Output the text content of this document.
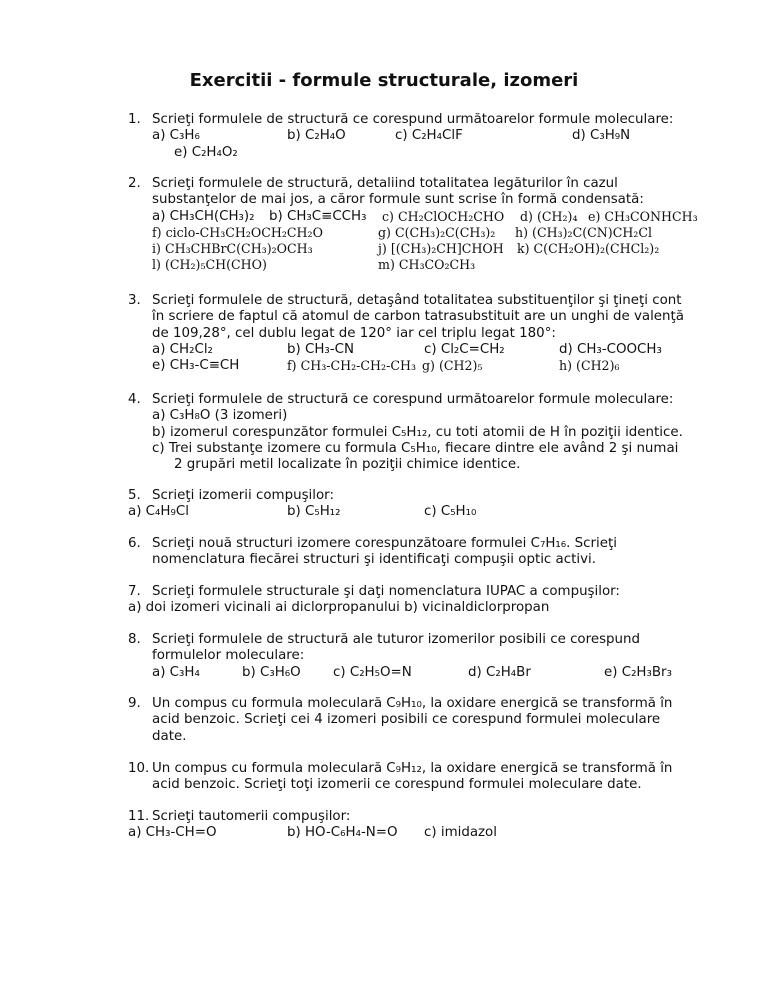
Exercitii - formule structurale, izomeri
1. Scrieţi formulele de structură ce corespund următoarelor formule moleculare:
a) C₃H₆	b) C₂H₄O	c) C₂H₄ClF	d) C₃H₉N
e) C₂H₄O₂
2. Scrieţi formulele de structură, detaliind totalitatea legăturilor în cazul
substanţelor de mai jos, a căror formule sunt scrise în formă condensată:
a) CH₃CH(CH₃)₂ b) CH₃C≡CCH₃ c) CH₂ClOCH₂CHO d) (CH₂)₄ e) CH₃CONHCH₃
f) ciclo-CH₃CH₂OCH₂CH₂O	g) C(CH₃)₂C(CH₃)₂ h) (CH₃)₂C(CN)CH₂Cl
i) CH₃CHBrC(CH₃)₂OCH₃	j) [(CH₃)₂CH]CHOH k) C(CH₂OH)₂(CHCl₂)₂
l) (CH₂)₅CH(CHO)	m) CH₃CO₂CH₃
3. Scrieţi formulele de structură, detaşând totalitatea substituenţilor şi ţineţi cont
în scriere de faptul că atomul de carbon tatrasubstituit are un unghi de valenţă
de 109,28°, cel dublu legat de 120° iar cel triplu legat 180°:
a) CH₂Cl₂	b) CH₃-CN	c) Cl₂C=CH₂	d) CH₃-COOCH₃
e) CH₃-C≡CH	f) CH₃-CH₂-CH₂-CH₃ g) (CH2)₅	h) (CH2)₆
4. Scrieţi formulele de structură ce corespund următoarelor formule moleculare:
a) C₃H₈O (3 izomeri)
b) izomerul corespunzător formulei C₅H₁₂, cu toti atomii de H în poziţii identice.
c) Trei substanţe izomere cu formula C₅H₁₀, fiecare dintre ele având 2 şi numai
2 grupări metil localizate în poziţii chimice identice.
5. Scrieţi izomerii compuşilor:
a) C₄H₉Cl	b) C₅H₁₂	c) C₅H₁₀
6. Scrieţi nouă structuri izomere corespunzătoare formulei C₇H₁₆. Scrieţi
nomenclatura fiecărei structuri şi identificaţi compuşii optic activi.
7. Scrieţi formulele structurale şi daţi nomenclatura IUPAC a compuşilor:
a) doi izomeri vicinali ai diclorpropanului b) vicinaldiclorpropan
8. Scrieţi formulele de structură ale tuturor izomerilor posibili ce corespund
formulelor moleculare:
a) C₃H₄	b) C₃H₆O c) C₂H₅O=N	d) C₂H₄Br	e) C₂H₃Br₃
9. Un compus cu formula moleculară C₉H₁₀, la oxidare energică se transformă în
acid benzoic. Scrieţi cei 4 izomeri posibili ce corespund formulei moleculare
date.
10. Un compus cu formula moleculară C₉H₁₂, la oxidare energică se transformă în
acid benzoic. Scrieţi toţi izomerii ce corespund formulei moleculare date.
11. Scrieţi tautomerii compuşilor:
a) CH₃-CH=O	b) HO-C₆H₄-N=O c) imidazol
